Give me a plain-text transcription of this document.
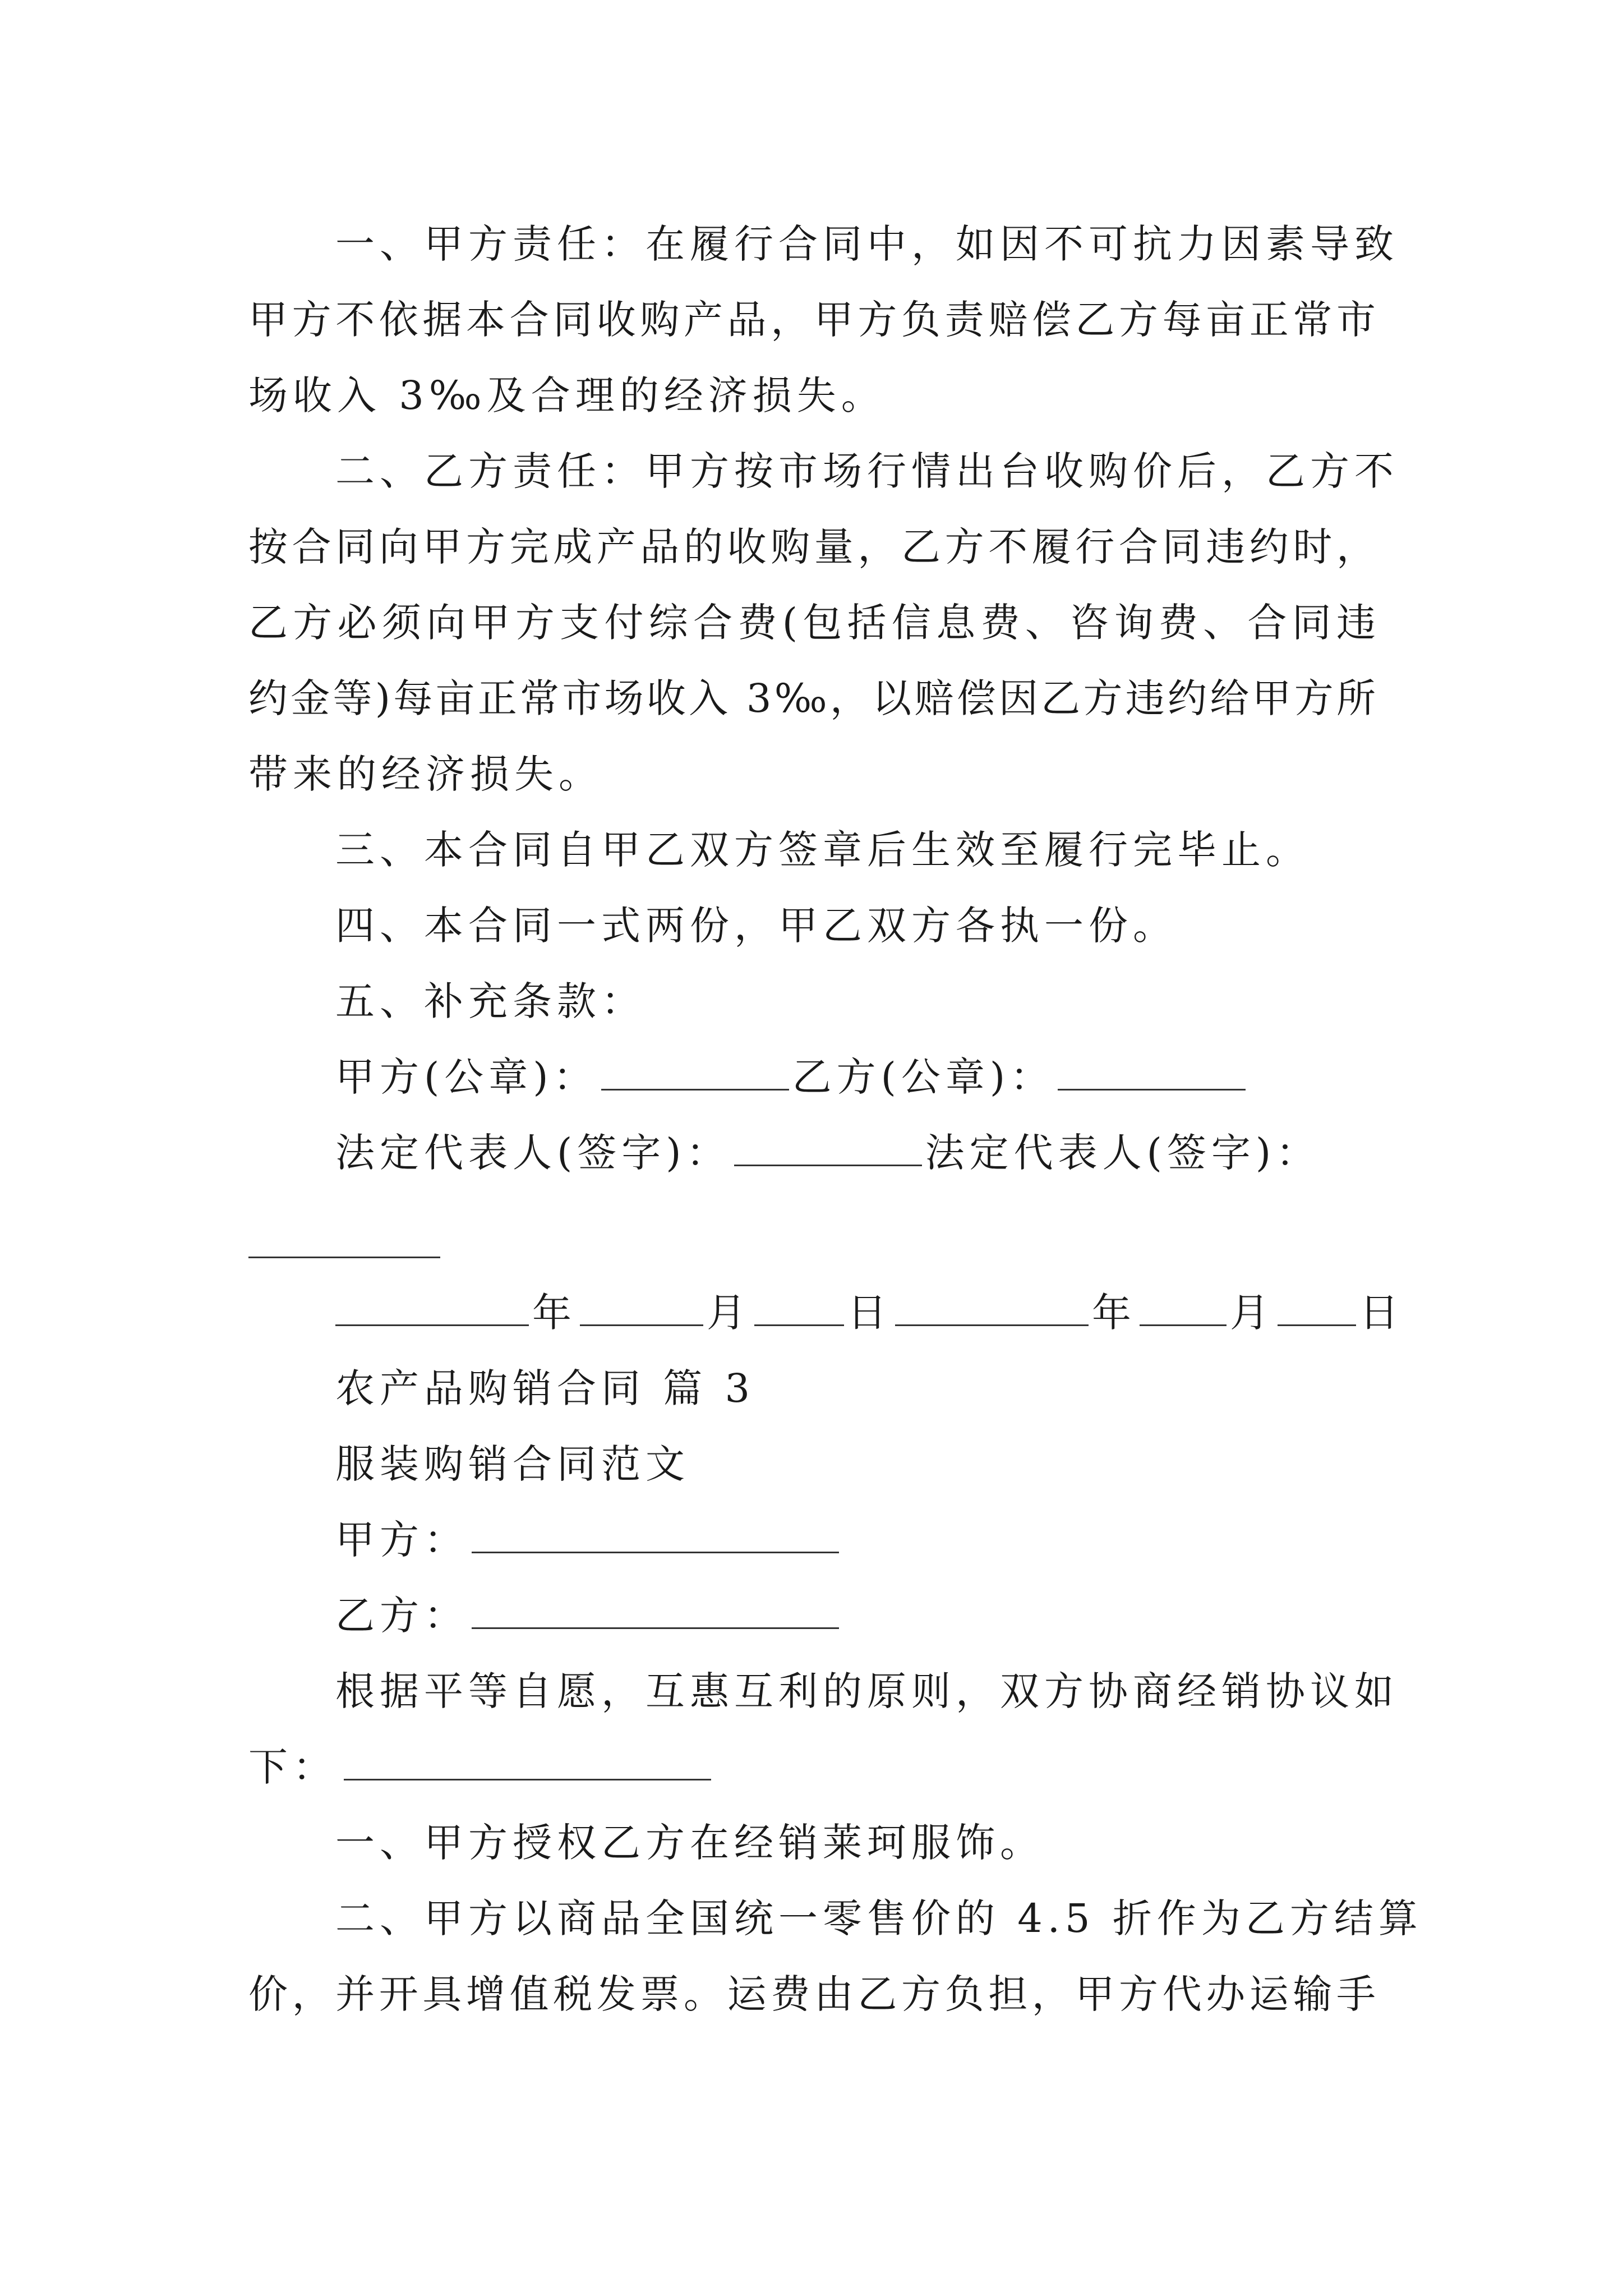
一、甲方责任：在履行合同中，如因不可抗力因素导致
甲方不依据本合同收购产品，甲方负责赔偿乙方每亩正常市
场收入 3‰及合理的经济损失。
二、乙方责任：甲方按市场行情出台收购价后，乙方不
按合同向甲方完成产品的收购量，乙方不履行合同违约时，
乙方必须向甲方支付综合费(包括信息费、咨询费、合同违
约金等)每亩正常市场收入 3‰，以赔偿因乙方违约给甲方所
带来的经济损失。
三、本合同自甲乙双方签章后生效至履行完毕止。
四、本合同一式两份，甲乙双方各执一份。
五、补充条款：
甲方(公章)：	乙方(公章)：
法定代表人(签字)：	法定代表人(签字)：
年	月 日	年 月 日
农产品购销合同 篇 3
服装购销合同范文
甲方：
乙方：
根据平等自愿，互惠互利的原则，双方协商经销协议如
下：
一、甲方授权乙方在经销莱珂服饰。
二、甲方以商品全国统一零售价的 4.5 折作为乙方结算
价，并开具增值税发票。运费由乙方负担，甲方代办运输手
